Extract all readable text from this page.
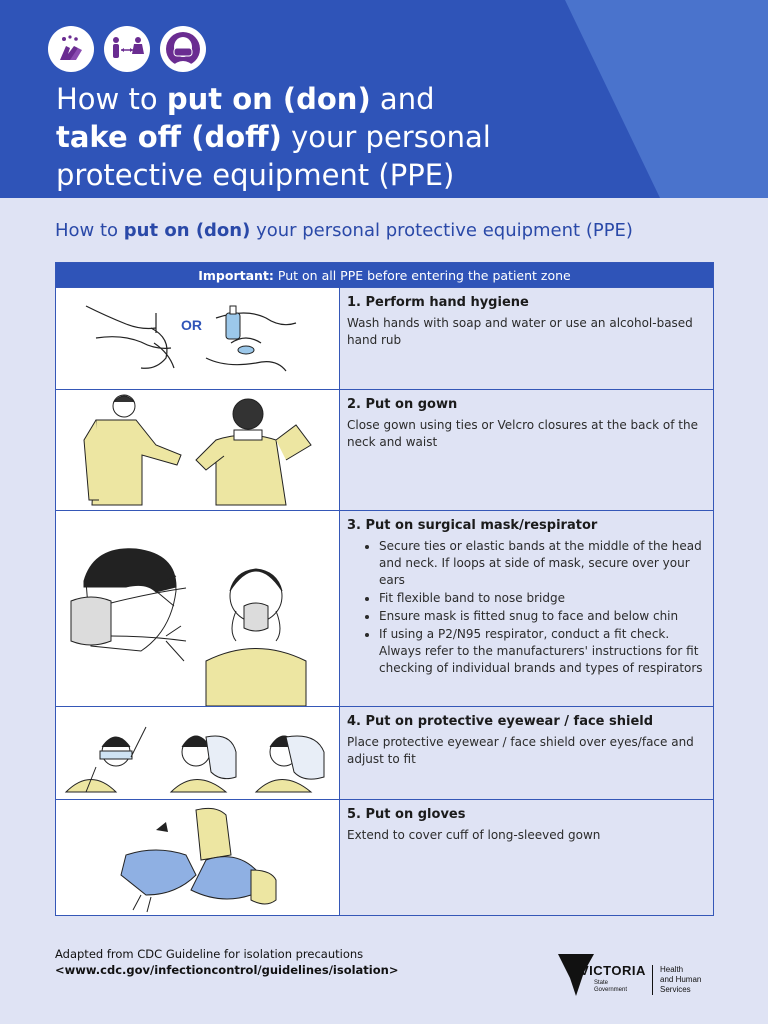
How to put on (don) and
take off (doff) your personal protective equipment (PPE)
How to put on (don) your personal protective equipment (PPE)
Important: Put on all PPE before entering the patient zone
OR

1. Perform hand hygiene

Wash hands with soap and water or use an alcohol-based hand rub

2. Put on gown

Close gown using ties or Velcro closures at the back of the neck and waist

3. Put on surgical mask/respirator

• Secure ties or elastic bands at the middle of the head and neck. If loops at side of mask, secure over your ears
• Fit flexible band to nose bridge
• Ensure mask is fitted snug to face and below chin
• If using a P2/N95 respirator, conduct a fit check. Always refer to the manufacturers' instructions for fit checking of individual brands and types of respirators

4. Put on protective eyewear / face shield

Place protective eyewear / face shield over eyes/face and adjust to fit

5. Put on gloves

Extend to cover cuff of long-sleeved gown

Adapted from CDC Guideline for isolation precautions
<www.cdc.gov/infectioncontrol/guidelines/isolation>	VICTORIA
State
Government
Health
and Human
Services
